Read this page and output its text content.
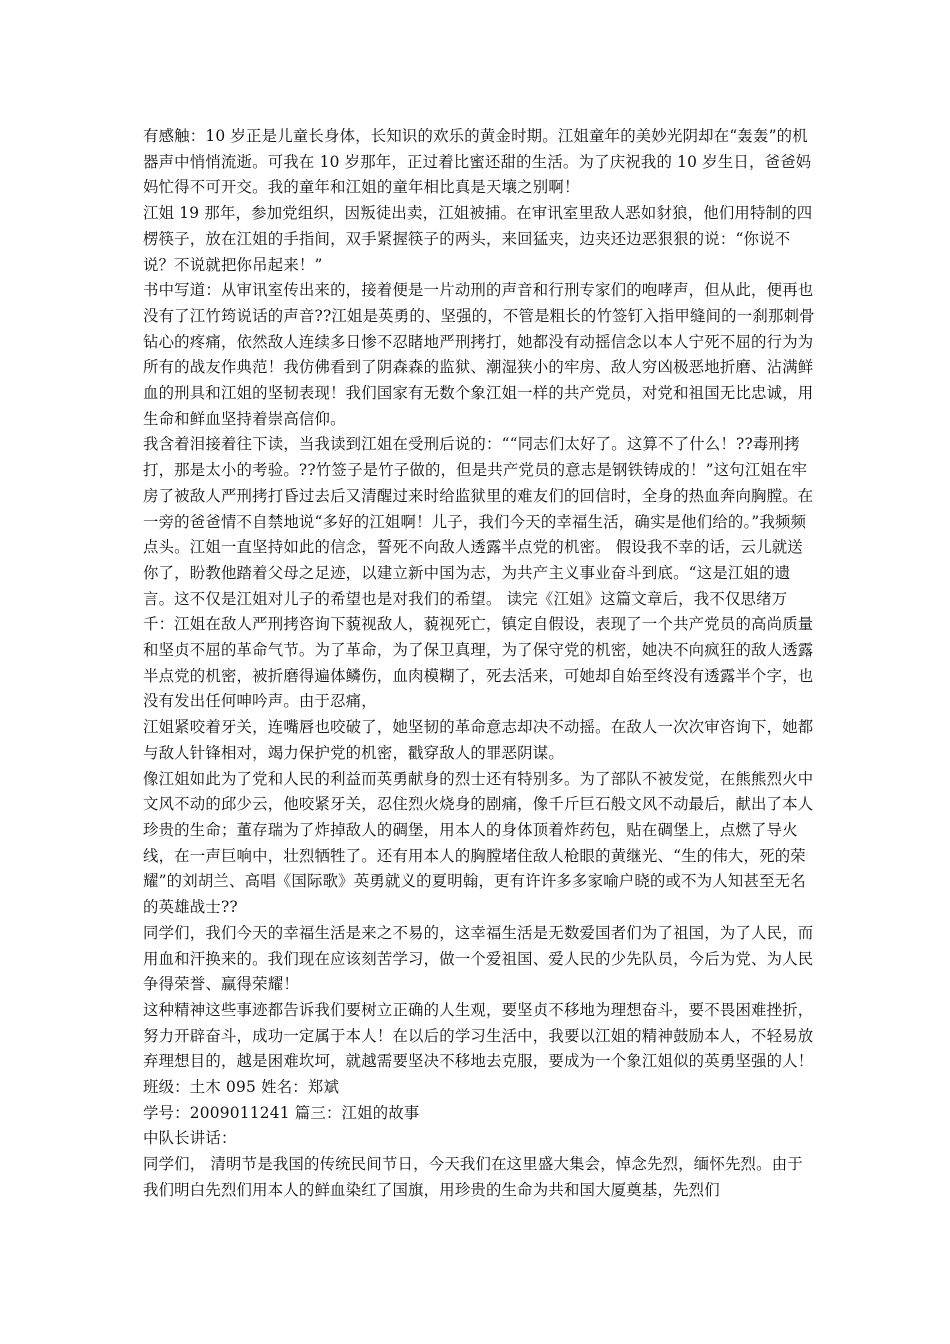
有感触：10 岁正是儿童长身体，长知识的欢乐的黄金时期。江姐童年的美妙光阴却在“轰轰”的机器声中悄悄流逝。可我在 10 岁那年，正过着比蜜还甜的生活。为了庆祝我的 10 岁生日，爸爸妈妈忙得不可开交。我的童年和江姐的童年相比真是天壤之别啊！

江姐 19 那年，参加党组织，因叛徒出卖，江姐被捕。在审讯室里敌人恶如豺狼，他们用特制的四楞筷子，放在江姐的手指间，双手紧握筷子的两头，来回猛夹，边夹还边恶狠狠的说：“你说不说？不说就把你吊起来！”

书中写道：从审讯室传出来的，接着便是一片动刑的声音和行刑专家们的咆哮声，但从此，便再也没有了江竹筠说话的声音??江姐是英勇的、坚强的，不管是粗长的竹签钉入指甲缝间的一刹那刺骨钻心的疼痛，依然敌人连续多日惨不忍睹地严刑拷打，她都没有动摇信念以本人宁死不屈的行为为所有的战友作典范！我仿佛看到了阴森森的监狱、潮湿狭小的牢房、敌人穷凶极恶地折磨、沾满鲜血的刑具和江姐的坚韧表现！我们国家有无数个象江姐一样的共产党员，对党和祖国无比忠诚，用生命和鲜血坚持着崇高信仰。

我含着泪接着往下读，当我读到江姐在受刑后说的：““同志们太好了。这算不了什么！??毒刑拷打，那是太小的考验。??竹签子是竹子做的，但是共产党员的意志是钢铁铸成的！”这句江姐在牢房了被敌人严刑拷打昏过去后又清醒过来时给监狱里的难友们的回信时，全身的热血奔向胸膛。在一旁的爸爸情不自禁地说“多好的江姐啊！儿子，我们今天的幸福生活，确实是他们给的。”我频频点头。江姐一直坚持如此的信念，誓死不向敌人透露半点党的机密。 假设我不幸的话，云儿就送你了，盼教他踏着父母之足迹，以建立新中国为志，为共产主义事业奋斗到底。“这是江姐的遗言。这不仅是江姐对儿子的希望也是对我们的希望。 读完《江姐》这篇文章后，我不仅思绪万千：江姐在敌人严刑拷咨询下藐视敌人，藐视死亡，镇定自假设，表现了一个共产党员的高尚质量和坚贞不屈的革命气节。为了革命，为了保卫真理，为了保守党的机密，她决不向疯狂的敌人透露半点党的机密，被折磨得遍体鳞伤，血肉模糊了，死去活来，可她却自始至终没有透露半个字，也没有发出任何呻吟声。由于忍痛，

江姐紧咬着牙关，连嘴唇也咬破了，她坚韧的革命意志却决不动摇。在敌人一次次审咨询下，她都与敌人针锋相对，竭力保护党的机密，戳穿敌人的罪恶阴谋。

像江姐如此为了党和人民的利益而英勇献身的烈士还有特别多。为了部队不被发觉，在熊熊烈火中文风不动的邱少云，他咬紧牙关，忍住烈火烧身的剧痛，像千斤巨石般文风不动最后，献出了本人珍贵的生命；董存瑞为了炸掉敌人的碉堡，用本人的身体顶着炸药包，贴在碉堡上，点燃了导火线，在一声巨响中，壮烈牺牲了。还有用本人的胸膛堵住敌人枪眼的黄继光、“生的伟大，死的荣耀”的刘胡兰、高唱《国际歌》英勇就义的夏明翰，更有许许多多家喻户晓的或不为人知甚至无名的英雄战士??

同学们，我们今天的幸福生活是来之不易的，这幸福生活是无数爱国者们为了祖国，为了人民，而用血和汗换来的。我们现在应该刻苦学习，做一个爱祖国、爱人民的少先队员，今后为党、为人民争得荣誉、赢得荣耀！

这种精神这些事迹都告诉我们要树立正确的人生观，要坚贞不移地为理想奋斗，要不畏困难挫折，努力开辟奋斗，成功一定属于本人！在以后的学习生活中，我要以江姐的精神鼓励本人，不轻易放弃理想目的，越是困难坎坷，就越需要坚决不移地去克服，要成为一个象江姐似的英勇坚强的人！

班级：土木 095 姓名：郑斌

学号：2009011241 篇三：江姐的故事

中队长讲话：

同学们， 清明节是我国的传统民间节日，今天我们在这里盛大集会，悼念先烈，缅怀先烈。由于我们明白先烈们用本人的鲜血染红了国旗，用珍贵的生命为共和国大厦奠基，先烈们
